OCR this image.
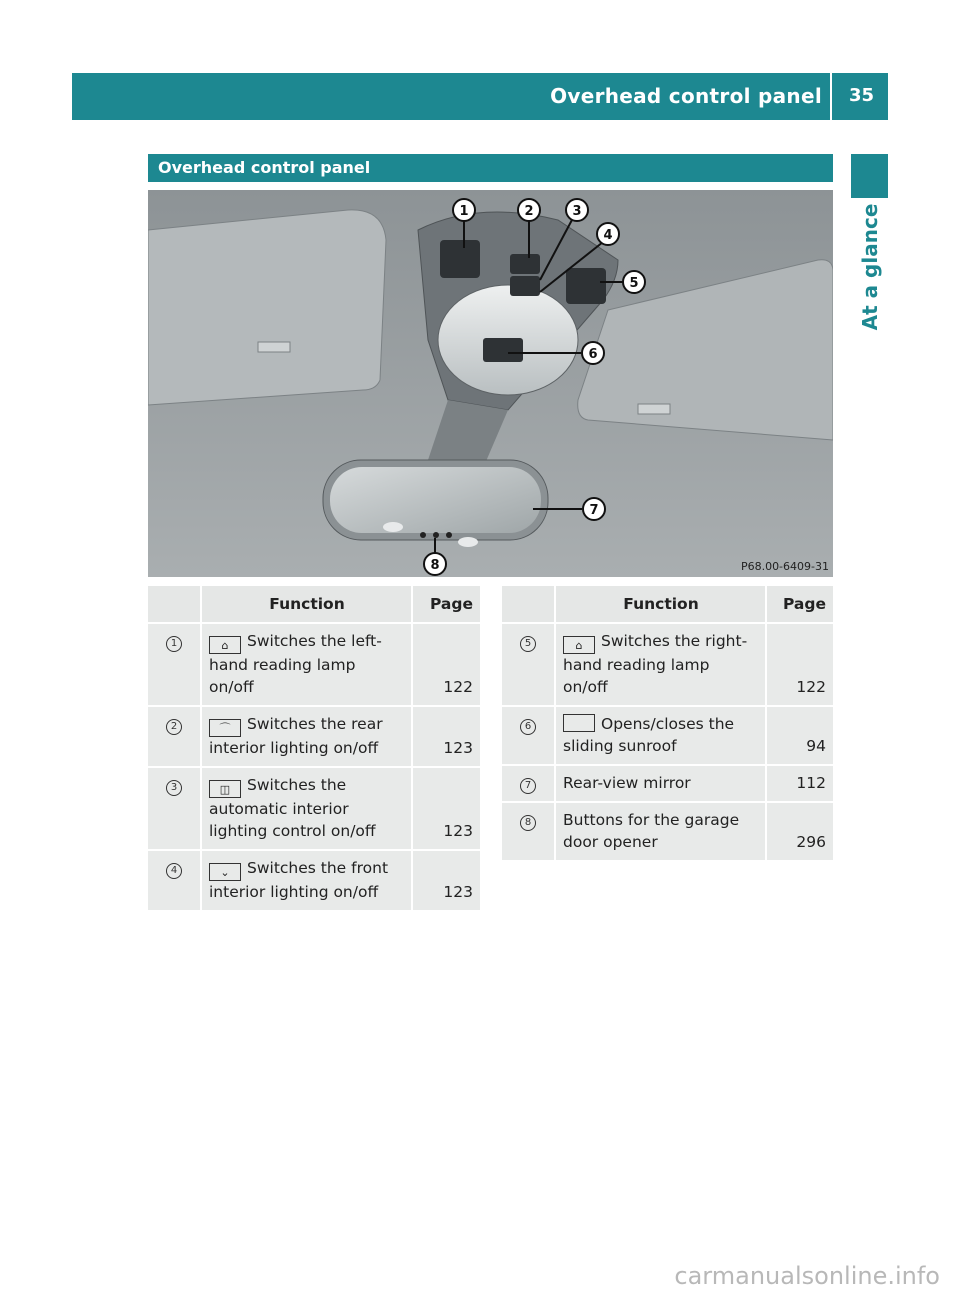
Overhead control panel 35
At a glance
Overhead control panel
1	2	3
4
5
6
7
8	P68.00-6409-31
	Function	Page
1	⌂ Switches the left-hand reading lamp on/off	122
2	⌒ Switches the rear interior lighting on/off	123
3	◫ Switches the automatic interior lighting control on/off	123
4	⌄ Switches the front interior lighting on/off	123
	Function	Page
5	⌂ Switches the right-hand reading lamp on/off	122
6	Opens/closes the sliding sunroof	94
7	Rear-view mirror	112
8	Buttons for the garage door opener	296
carmanualsonline.info
